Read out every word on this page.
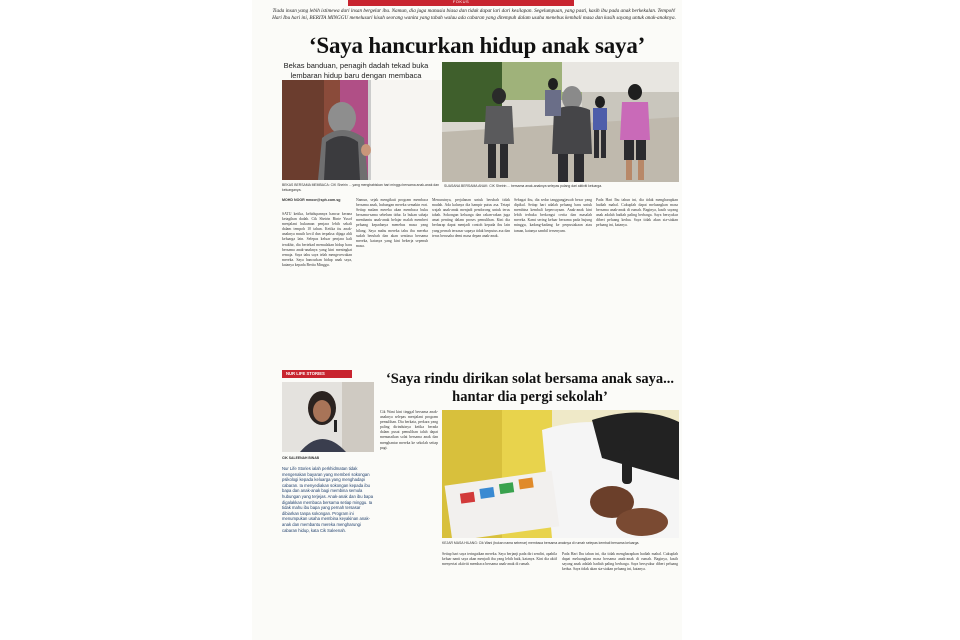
FOKUS
Tiada insan yang lebih istimewa dari insan bergelar ibu. Namun, dia juga manusia biasa dan tidak dapat lari dari kesilapan. Segelumpuan, yang pasti, kasih ibu pada anak berkekalan. Tempoh! Hari Ibu hari ini, BERITA MINGGU menelusuri kisah seorang wanita yang tabah walau ada cabaran yang ditempuh dalam usaha menebus kembali masa dan kasih sayang untuk anak-anaknya.
‘Saya hancurkan hidup anak saya’
Bekas banduan, penagih dadah tekad buka lembaran hidup baru dengan membaca
BEKAS BERSAMA MEMBACA: CIK Sheirin ... yang menghabiskan hari minggu bersama anak-anak dan keluarganya.
SUASANA BERSAMA ANAK: CIK Sheirin ... bersama anak-anaknya selepas pulang dari aktiviti keluarga.
MOHD NOOR mnoor@sph.com.sg
SATU ketika, kehidupannya hancur kerana ketagihan dadah. Cik Sheirin Binte Yusof menjalani hukuman penjara lebih sekali dalam tempoh 10 tahun. Ketika itu anak-anaknya masih kecil dan terpaksa dijaga ahli keluarga lain. Selepas keluar penjara kali terakhir, dia bertekad memulakan hidup baru bersama anak-anaknya yang kini meningkat remaja. Saya tahu saya telah mengecewakan mereka. Saya hancurkan hidup anak saya, katanya kepada Berita Minggu.
Namun, sejak mengikuti program membaca bersama anak, hubungan mereka semakin erat. Setiap malam mereka akan membaca buku bersama-sama sebelum tidur. Ia bukan sahaja membantu anak-anak belajar malah memberi peluang kepadanya menebus masa yang hilang. Saya mahu mereka tahu ibu mereka sudah berubah dan akan sentiasa bersama mereka, katanya yang kini bekerja sepenuh masa.
Menurutnya, perjalanan untuk berubah tidak mudah. Ada kalanya dia hampir putus asa. Tetapi wajah anak-anak menjadi pendorong untuk terus tabah. Sokongan keluarga dan rakan-rakan juga amat penting dalam proses pemulihan. Kini dia berharap dapat menjadi contoh kepada ibu lain yang pernah tersasar supaya tidak berputus asa dan terus berusaha demi masa depan anak-anak.
Sebagai ibu, dia sedar tanggungjawab besar yang dipikul. Setiap hari adalah peluang baru untuk membina kembali kepercayaan. Anak-anak kini lebih terbuka berkongsi cerita dan masalah mereka. Kami sering keluar bersama pada hujung minggu, kadang-kadang ke perpustakaan atau taman, katanya sambil tersenyum.
Pada Hari Ibu tahun ini, dia tidak mengharapkan hadiah mahal. Cukuplah dapat meluangkan masa bersama anak-anak di rumah. Baginya, kasih sayang anak adalah hadiah paling berharga. Saya bersyukur diberi peluang kedua. Saya tidak akan sia-siakan peluang ini, katanya.
NUR LIFE STORIES
CIK SALEENAH BINAB
Nur Life Stories ialah perkhidmatan tidak mengenakan bayaran yang memberi sokongan psikologi kepada keluarga yang menghadapi cabaran. Ia menyediakan sokongan kepada ibu bapa dan anak-anak bagi membina semula hubungan yang terjejas. Anak-anak dan ibu bapa digalakkan membaca bersama setiap minggu. Ia tidak mahu ibu bapa yang pernah tersasar dibiarkan tanpa sokongan. Program ini menumpukan usaha membina keyakinan anak-anak dan membantu mereka mengharungi cabaran hidup, kata Cik Saleenah.
‘Saya rindu dirikan solat bersama anak saya... hantar dia pergi sekolah’
Cik Wani kini tinggal bersama anak-anaknya selepas menjalani program pemulihan. Dia berkata, perkara yang paling dirinduinya ketika berada dalam pusat pemulihan ialah dapat menunaikan solat bersama anak dan menghantar mereka ke sekolah setiap pagi.
KEJAR MASA HILANG: Cik Wani (bukan nama sebenar) membaca bersama anaknya di rumah selepas kembali bersama keluarga.
Setiap hari saya teringatkan mereka. Saya berjanji pada diri sendiri, apabila keluar nanti saya akan menjadi ibu yang lebih baik, katanya. Kini dia aktif menyertai aktiviti membaca bersama anak-anak di rumah.
Pada Hari Ibu tahun ini, dia tidak mengharapkan hadiah mahal. Cukuplah dapat meluangkan masa bersama anak-anak di rumah. Baginya, kasih sayang anak adalah hadiah paling berharga. Saya bersyukur diberi peluang kedua. Saya tidak akan sia-siakan peluang ini, katanya.
